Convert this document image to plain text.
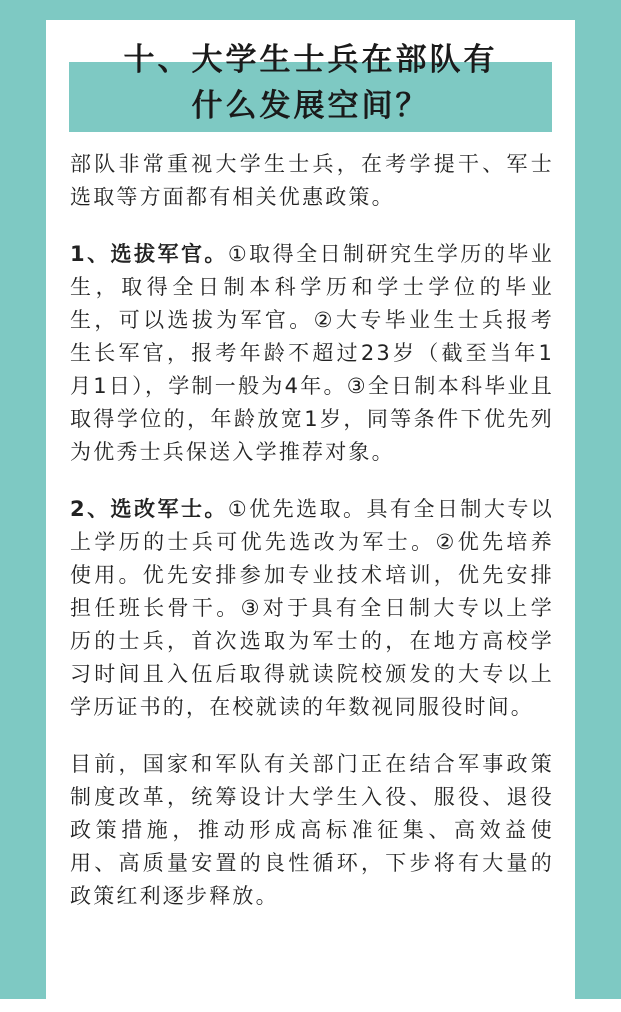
十、大学生士兵在部队有
什么发展空间？

部队非常重视大学生士兵，在考学提干、军士选取等方面都有相关优惠政策。

1、选拔军官。①取得全日制研究生学历的毕业生，取得全日制本科学历和学士学位的毕业生，可以选拔为军官。②大专毕业生士兵报考生长军官，报考年龄不超过23岁（截至当年1月1日），学制一般为4年。③全日制本科毕业且取得学位的，年龄放宽1岁，同等条件下优先列为优秀士兵保送入学推荐对象。

2、选改军士。①优先选取。具有全日制大专以上学历的士兵可优先选改为军士。②优先培养使用。优先安排参加专业技术培训，优先安排担任班长骨干。③对于具有全日制大专以上学历的士兵，首次选取为军士的，在地方高校学习时间且入伍后取得就读院校颁发的大专以上学历证书的，在校就读的年数视同服役时间。

目前，国家和军队有关部门正在结合军事政策制度改革，统筹设计大学生入役、服役、退役政策措施，推动形成高标准征集、高效益使用、高质量安置的良性循环，下步将有大量的政策红利逐步释放。
